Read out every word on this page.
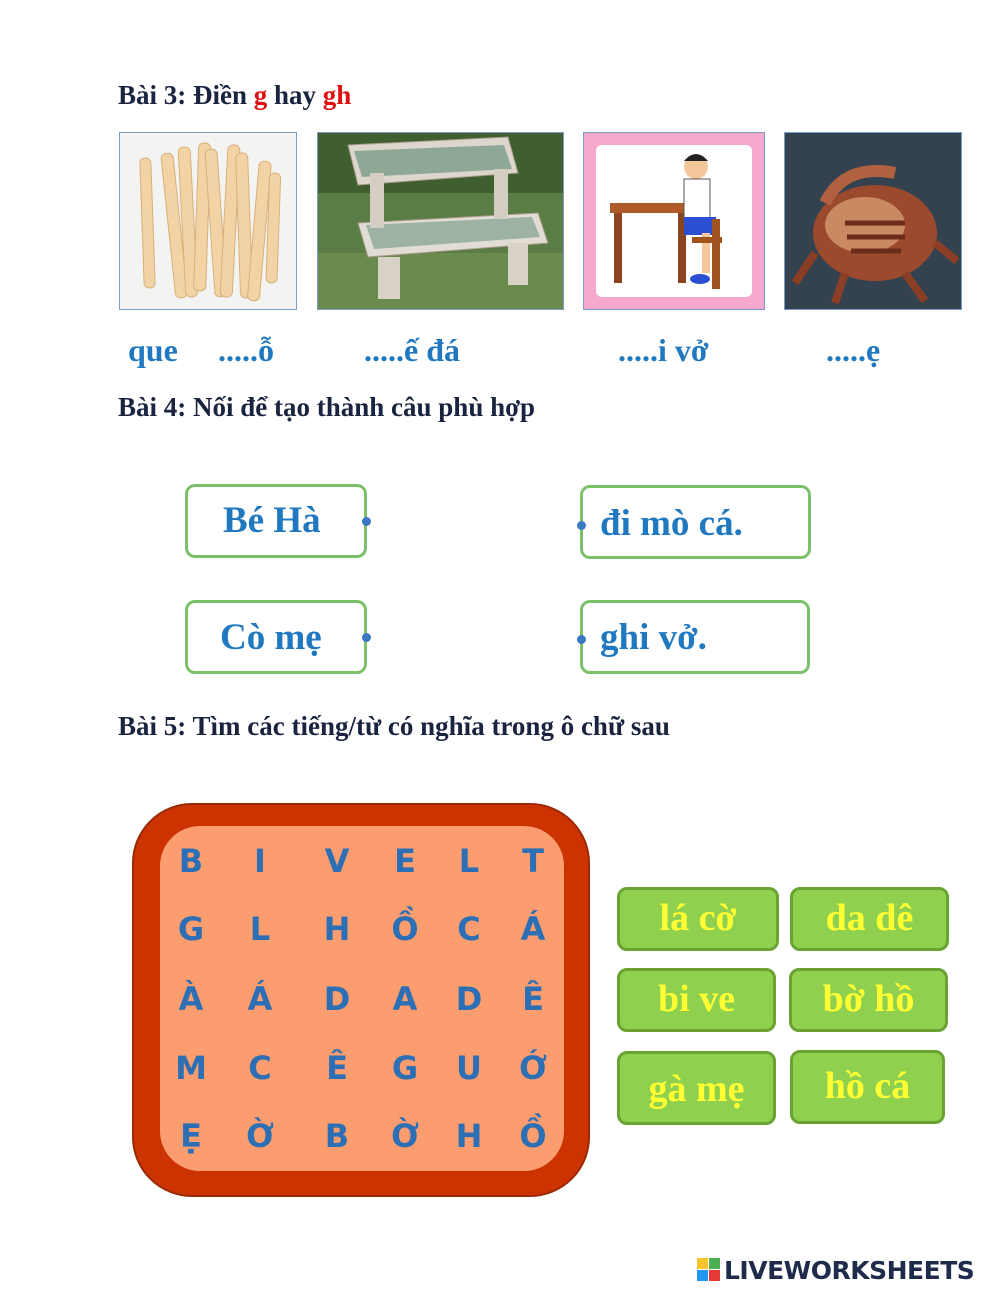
Bài 3: Điền g hay gh
que .....ỗ	.....ế đá	.....i vở	.....ẹ
Bài 4: Nối để tạo thành câu phù hợp
Bé Hà	đi mò cá.
Cò mẹ	ghi vở.
Bài 5: Tìm các tiếng/từ có nghĩa trong ô chữ sau
B	I	V E	L	T
G	L	H Ồ C Á
À Á D A D Ê
M C Ê G U Ớ
Ẹ Ờ B Ờ H Ồ
lá cờ	da dê
bi ve	bờ hồ
gà mẹ	hồ cá
LIVEWORKSHEETS
